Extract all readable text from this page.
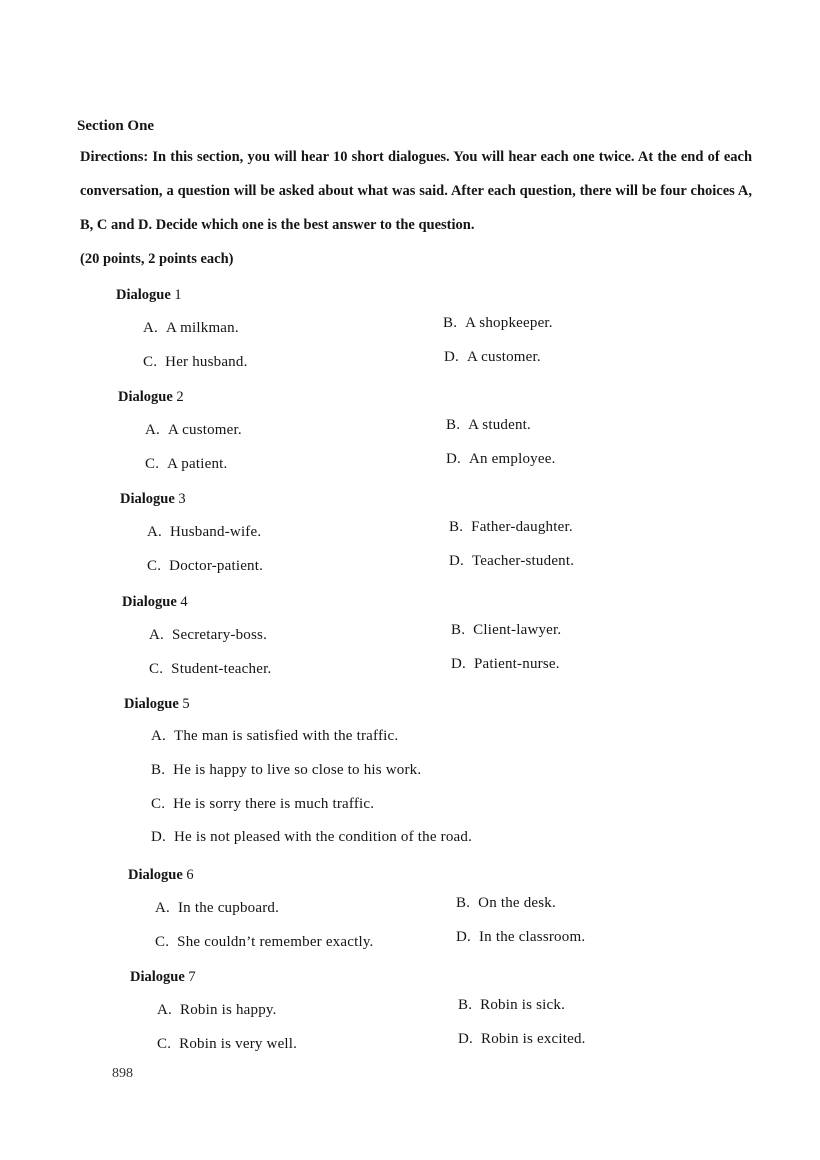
Section One
Directions: In this section, you will hear 10 short dialogues. You will hear each one twice. At the end of each conversation, a question will be asked about what was said. After each question, there will be four choices A, B, C and D. Decide which one is the best answer to the question.
(20 points, 2 points each)
Dialogue 1
A. A milkman.	B. A shopkeeper.
C. Her husband.	D. A customer.
Dialogue 2
A. A customer.	B. A student.
C. A patient.	D. An employee.
Dialogue 3
A. Husband-wife.	B. Father-daughter.
C. Doctor-patient.	D. Teacher-student.
Dialogue 4
A. Secretary-boss.	B. Client-lawyer.
C. Student-teacher.	D. Patient-nurse.
Dialogue 5
A. The man is satisfied with the traffic.
B. He is happy to live so close to his work.
C. He is sorry there is much traffic.
D. He is not pleased with the condition of the road.
Dialogue 6
A. In the cupboard.	B. On the desk.
C. She couldn’t remember exactly.	D. In the classroom.
Dialogue 7
A. Robin is happy.	B. Robin is sick.
C. Robin is very well.	D. Robin is excited.
898
